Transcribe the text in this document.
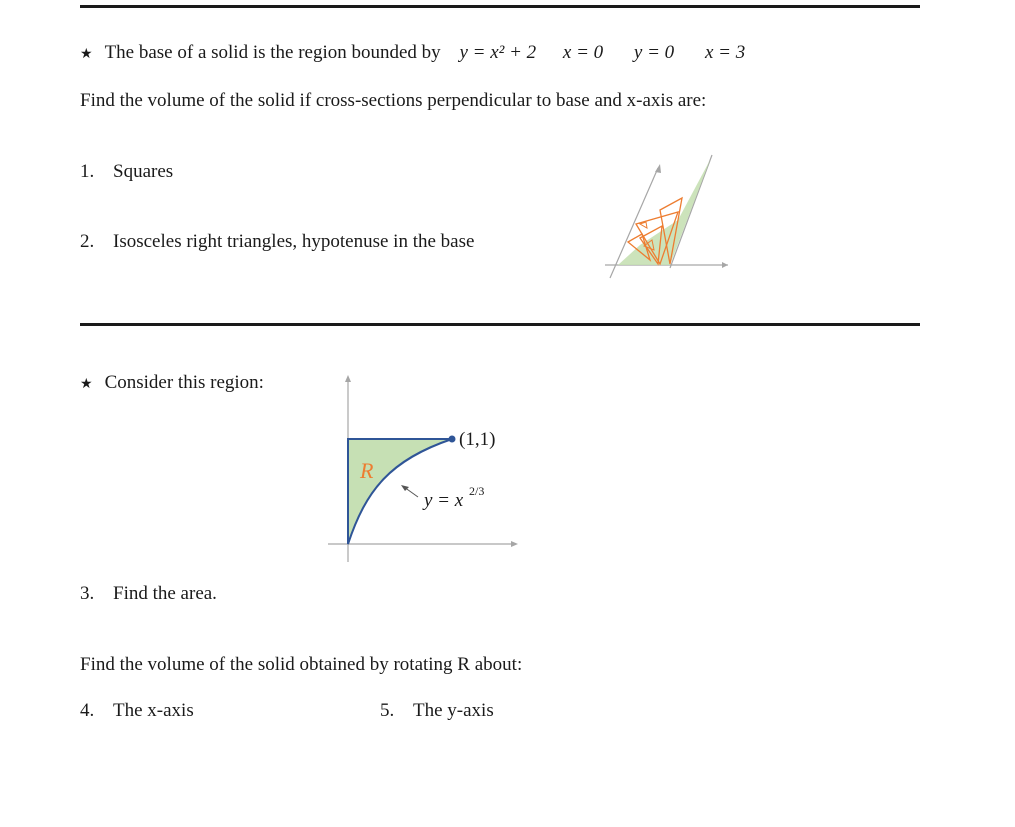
★ The base of a solid is the region bounded by y = x² + 2 x = 0 y = 0 x = 3
Find the volume of the solid if cross-sections perpendicular to base and x-axis are:
1. Squares
2. Isosceles right triangles, hypotenuse in the base
★ Consider this region:
R
(1,1)
y = x 2/3
3. Find the area.
Find the volume of the solid obtained by rotating R about:
4. The x-axis	5. The y-axis
